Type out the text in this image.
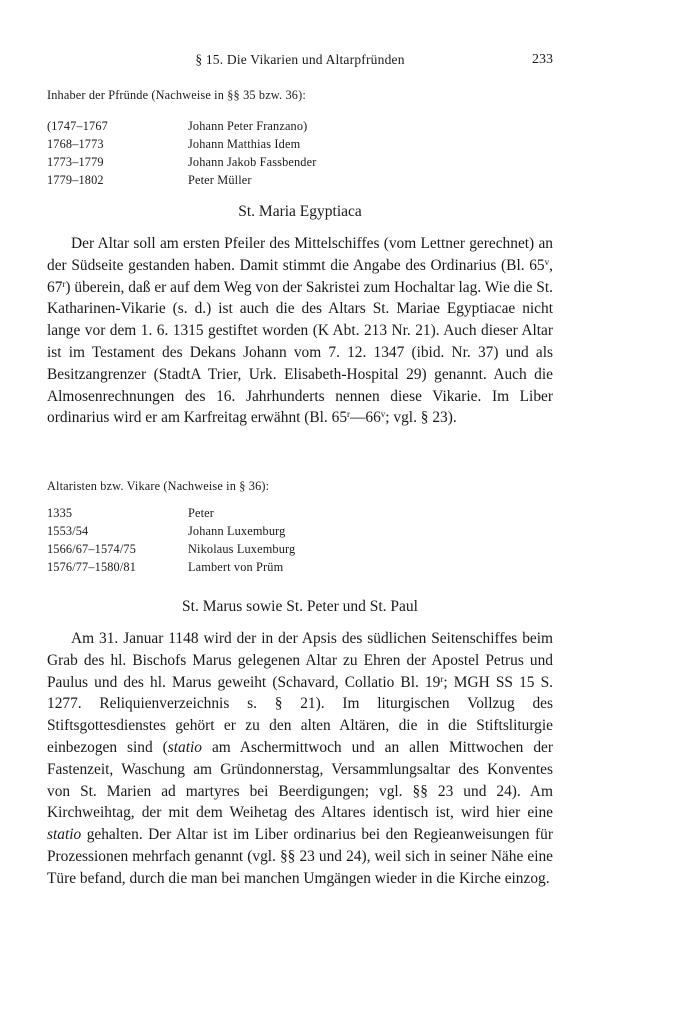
§ 15. Die Vikarien und Altarpfründen	233
Inhaber der Pfründe (Nachweise in §§ 35 bzw. 36):
(1747–1767	Johann Peter Franzano)
1768–1773	Johann Matthias Idem
1773–1779	Johann Jakob Fassbender
1779–1802	Peter Müller
St. Maria Egyptiaca

Der Altar soll am ersten Pfeiler des Mittelschiffes (vom Lettner gerechnet) an der Südseite gestanden haben. Damit stimmt die Angabe des Ordinarius (Bl. 65$^v$, 67$^r$) überein, daß er auf dem Weg von der Sakristei zum Hochaltar lag. Wie die St. Katharinen-Vikarie (s. d.) ist auch die des Altars St. Mariae Egyptiacae nicht lange vor dem 1. 6. 1315 gestiftet worden (K Abt. 213 Nr. 21). Auch dieser Altar ist im Testament des Dekans Johann vom 7. 12. 1347 (ibid. Nr. 37) und als Besitzangrenzer (StadtA Trier, Urk. Elisabeth-Hospital 29) genannt. Auch die Almosenrechnungen des 16. Jahrhunderts nennen diese Vikarie. Im Liber ordinarius wird er am Karfreitag erwähnt (Bl. 65$^r$—66$^v$; vgl. § 23).

Altaristen bzw. Vikare (Nachweise in § 36):
1335	Peter
1553/54	Johann Luxemburg
1566/67–1574/75	Nikolaus Luxemburg
1576/77–1580/81	Lambert von Prüm
St. Marus sowie St. Peter und St. Paul

Am 31. Januar 1148 wird der in der Apsis des südlichen Seitenschiffes beim Grab des hl. Bischofs Marus gelegenen Altar zu Ehren der Apostel Petrus und Paulus und des hl. Marus geweiht (Schavard, Collatio Bl. 19$^r$; MGH SS 15 S. 1277. Reliquienverzeichnis s. § 21). Im liturgischen Vollzug des Stiftsgottesdienstes gehört er zu den alten Altären, die in die Stiftsliturgie einbezogen sind (statio am Aschermittwoch und an allen Mittwochen der Fastenzeit, Waschung am Gründonnerstag, Versammlungsaltar des Konventes von St. Marien ad martyres bei Beerdigungen; vgl. §§ 23 und 24). Am Kirchweihtag, der mit dem Weihetag des Altares identisch ist, wird hier eine statio gehalten. Der Altar ist im Liber ordinarius bei den Regieanweisungen für Prozessionen mehrfach genannt (vgl. §§ 23 und 24), weil sich in seiner Nähe eine Türe befand, durch die man bei manchen Umgängen wieder in die Kirche einzog.
